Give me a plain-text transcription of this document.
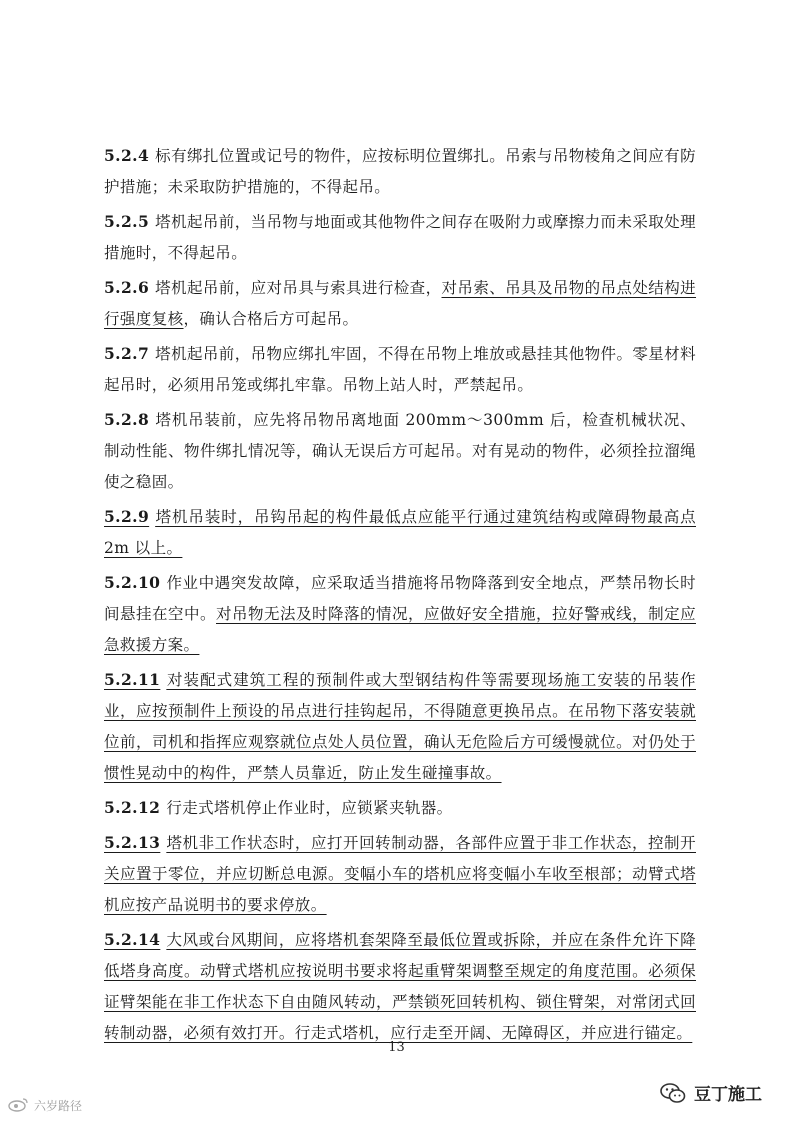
5.2.4 标有绑扎位置或记号的物件，应按标明位置绑扎。吊索与吊物棱角之间应有防护措施；未采取防护措施的，不得起吊。

5.2.5 塔机起吊前，当吊物与地面或其他物件之间存在吸附力或摩擦力而未采取处理措施时，不得起吊。

5.2.6 塔机起吊前，应对吊具与索具进行检查，对吊索、吊具及吊物的吊点处结构进行强度复核，确认合格后方可起吊。

5.2.7 塔机起吊前，吊物应绑扎牢固，不得在吊物上堆放或悬挂其他物件。零星材料起吊时，必须用吊笼或绑扎牢靠。吊物上站人时，严禁起吊。

5.2.8 塔机吊装前，应先将吊物吊离地面 200mm～300mm 后，检查机械状况、制动性能、物件绑扎情况等，确认无误后方可起吊。对有晃动的物件，必须拴拉溜绳使之稳固。

5.2.9 塔机吊装时，吊钩吊起的构件最低点应能平行通过建筑结构或障碍物最高点 2m 以上。

5.2.10 作业中遇突发故障，应采取适当措施将吊物降落到安全地点，严禁吊物长时间悬挂在空中。对吊物无法及时降落的情况，应做好安全措施，拉好警戒线，制定应急救援方案。

5.2.11 对装配式建筑工程的预制件或大型钢结构件等需要现场施工安装的吊装作业，应按预制件上预设的吊点进行挂钩起吊，不得随意更换吊点。在吊物下落安装就位前，司机和指挥应观察就位点处人员位置，确认无危险后方可缓慢就位。对仍处于惯性晃动中的构件，严禁人员靠近，防止发生碰撞事故。

5.2.12 行走式塔机停止作业时，应锁紧夹轨器。

5.2.13 塔机非工作状态时，应打开回转制动器，各部件应置于非工作状态，控制开关应置于零位，并应切断总电源。变幅小车的塔机应将变幅小车收至根部；动臂式塔机应按产品说明书的要求停放。

5.2.14 大风或台风期间，应将塔机套架降至最低位置或拆除，并应在条件允许下降低塔身高度。动臂式塔机应按说明书要求将起重臂架调整至规定的角度范围。必须保证臂架能在非工作状态下自由随风转动，严禁锁死回转机构、锁住臂架，对常闭式回转制动器，必须有效打开。行走式塔机，应行走至开阔、无障碍区，并应进行锚定。

13
六岁路径
豆丁施工
